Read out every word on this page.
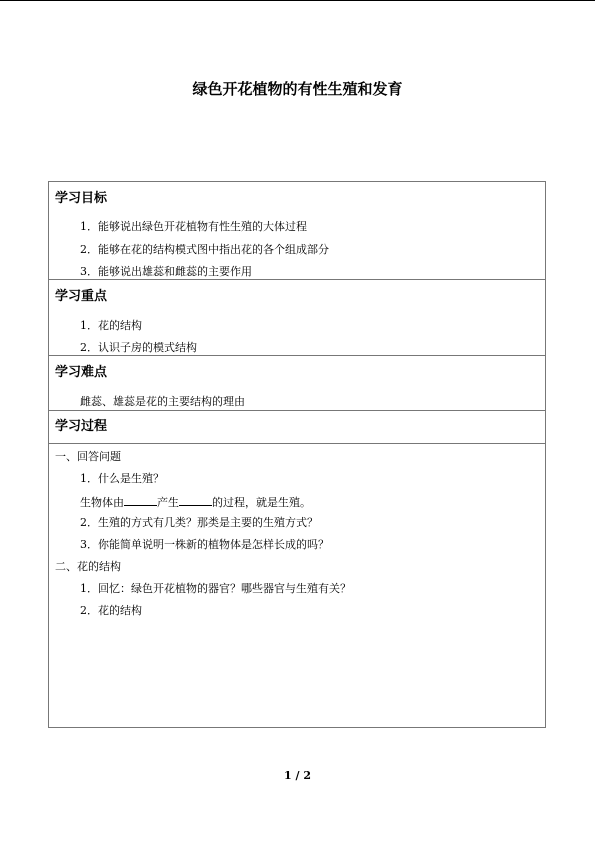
绿色开花植物的有性生殖和发育
学习目标
1．能够说出绿色开花植物有性生殖的大体过程
2．能够在花的结构模式图中指出花的各个组成部分
3．能够说出雄蕊和雌蕊的主要作用
学习重点
1．花的结构
2．认识子房的模式结构
学习难点
雌蕊、雄蕊是花的主要结构的理由
学习过程
一、回答问题
1．什么是生殖？
生物体由	产生	的过程，就是生殖。
2．生殖的方式有几类？那类是主要的生殖方式？
3．你能简单说明一株新的植物体是怎样长成的吗？
二、花的结构
1．回忆：绿色开花植物的器官？哪些器官与生殖有关？
2．花的结构
1 / 2
